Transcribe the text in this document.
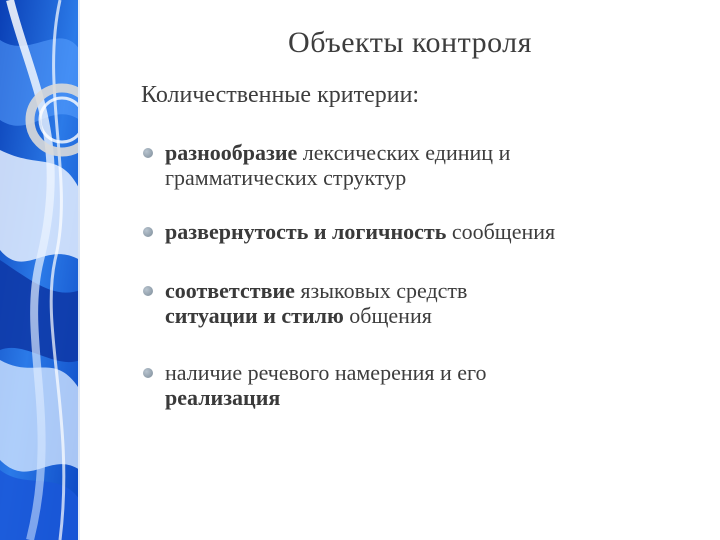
Объекты контроля
Количественные критерии:
разнообразие лексических единиц и
грамматических структур
развернутость и логичность сообщения
соответствие языковых средств
ситуации и стилю общения
наличие речевого намерения и его
реализация
